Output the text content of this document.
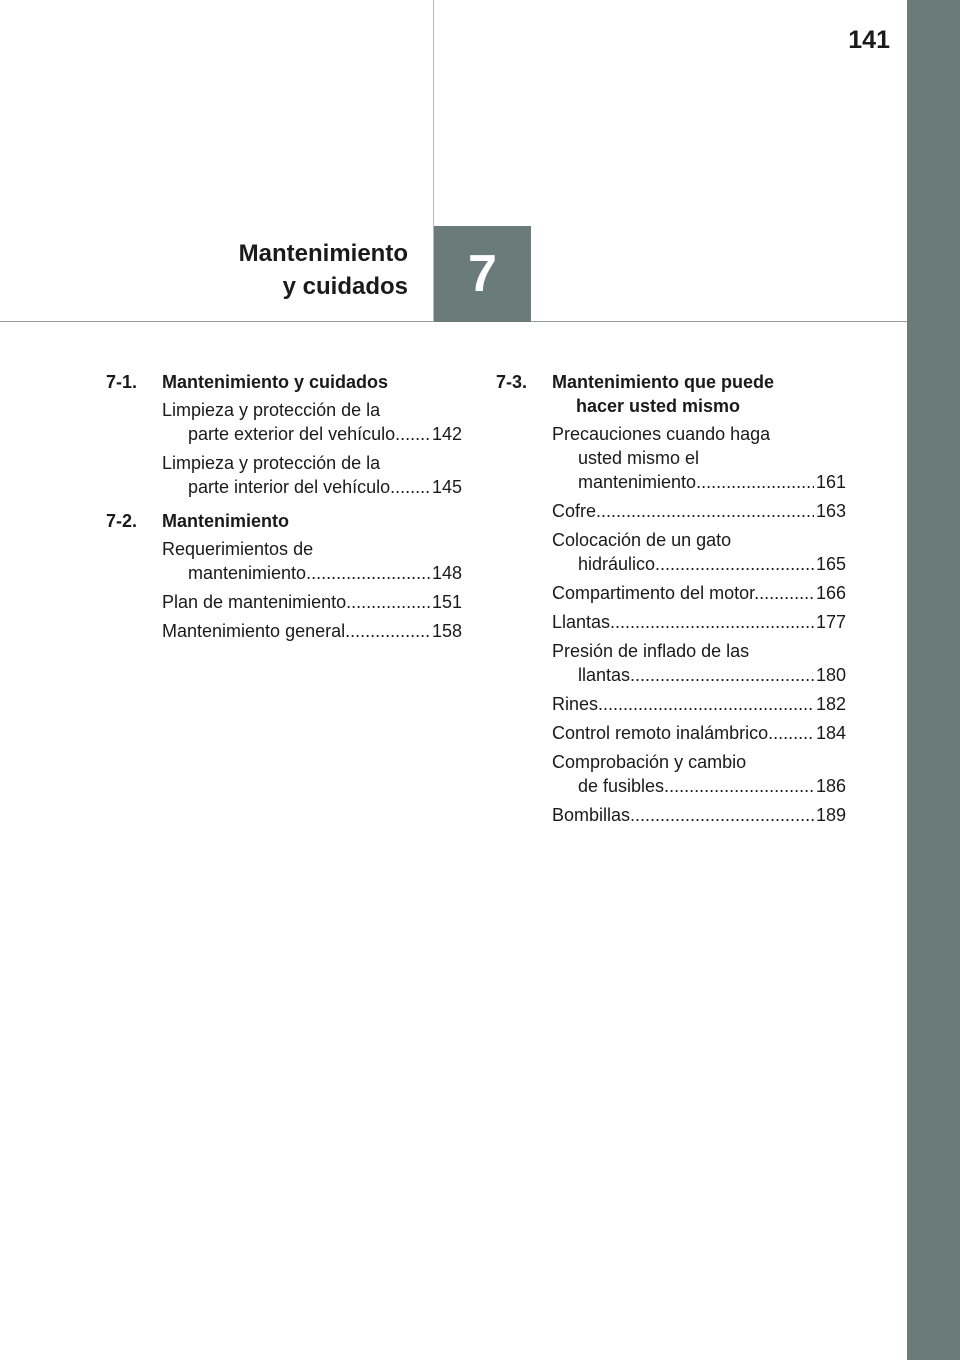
141
Mantenimiento
y cuidados	7
7-1.	Mantenimiento y cuidados
Limpieza y protección de la
parte exterior del vehículo ..... 142
Limpieza y protección de la
parte interior del vehículo ..... 145
7-2.	Mantenimiento
Requerimientos de
mantenimiento. .....	148
Plan de mantenimiento .....	151
Mantenimiento general .....	158
7-3.	Mantenimiento que puede
hacer usted mismo
Precauciones cuando haga
usted mismo el
mantenimiento .....	161
Cofre .....	163
Colocación de un gato
hidráulico .....	165
Compartimento del motor. .....	166
Llantas. .....	177
Presión de inflado de las
llantas .....	180
Rines .....	182
Control remoto inalámbrico .....	184
Comprobación y cambio
de fusibles. .....	186
Bombillas. .....	189
